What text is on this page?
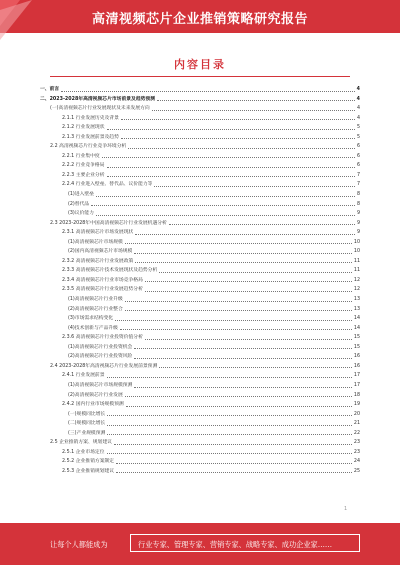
高清视频芯片企业推销策略研究报告
内容目录
一、前言	4
二、2023-2028年高清视频芯片市场前景及趋势预测	4
(一)高清视频芯片行业发展现状及未来发展方向	4
2.1.1 行业发展历史及背景	4
2.1.2 行业发展现状	5
2.1.3 行业发展前景及趋势	5
2.2 高清视频芯片行业竞争环境分析	6
2.2.1 行业集中度	6
2.2.2 行业竞争格局	6
2.2.3 主要企业分析	7
2.2.4 行业进入壁垒、替代品、议价能力等	7
(1)进入壁垒	8
(2)替代品	8
(3)议价能力	9
2.3 2023-2028年中国高清视频芯片行业发展机遇分析	9
2.3.1 高清视频芯片市场发展现状	9
(1)高清视频芯片市场规模	10
(2)国内高清视频芯片市场规模	10
2.3.2 高清视频芯片行业发展政策	11
2.3.3 高清视频芯片技术发展现状及趋势分析	11
2.3.4 高清视频芯片行业市场竞争格局	12
2.3.5 高清视频芯片行业发展趋势分析	12
(1)高清视频芯片行业升级	13
(2)高清视频芯片行业整合	13
(3)市场需求结构变化	14
(4)技术创新与产品升级	14
2.3.6 高清视频芯片行业投资价值分析	15
(1)高清视频芯片行业投资机会	15
(2)高清视频芯片行业投资风险	16
2.4 2023-2028年高清视频芯片行业发展前景预测	16
2.4.1 行业发展前景	17
(1)高清视频芯片市场规模预测	17
(2)高清视频芯片行业发展	18
2.4.2 国内行业市场规模预测	19
(一)规模同比增长	20
(二)规模同比增长	21
(三)产业规模预测	22
2.5 企业推销方案、规划建议	23
2.5.1 企业市场定位	23
2.5.2 企业推销方案制定	24
2.5.3 企业推销规划建议	25
1
让每个人都能成为	行业专家、管理专家、营销专家、战略专家、成功企业家……
